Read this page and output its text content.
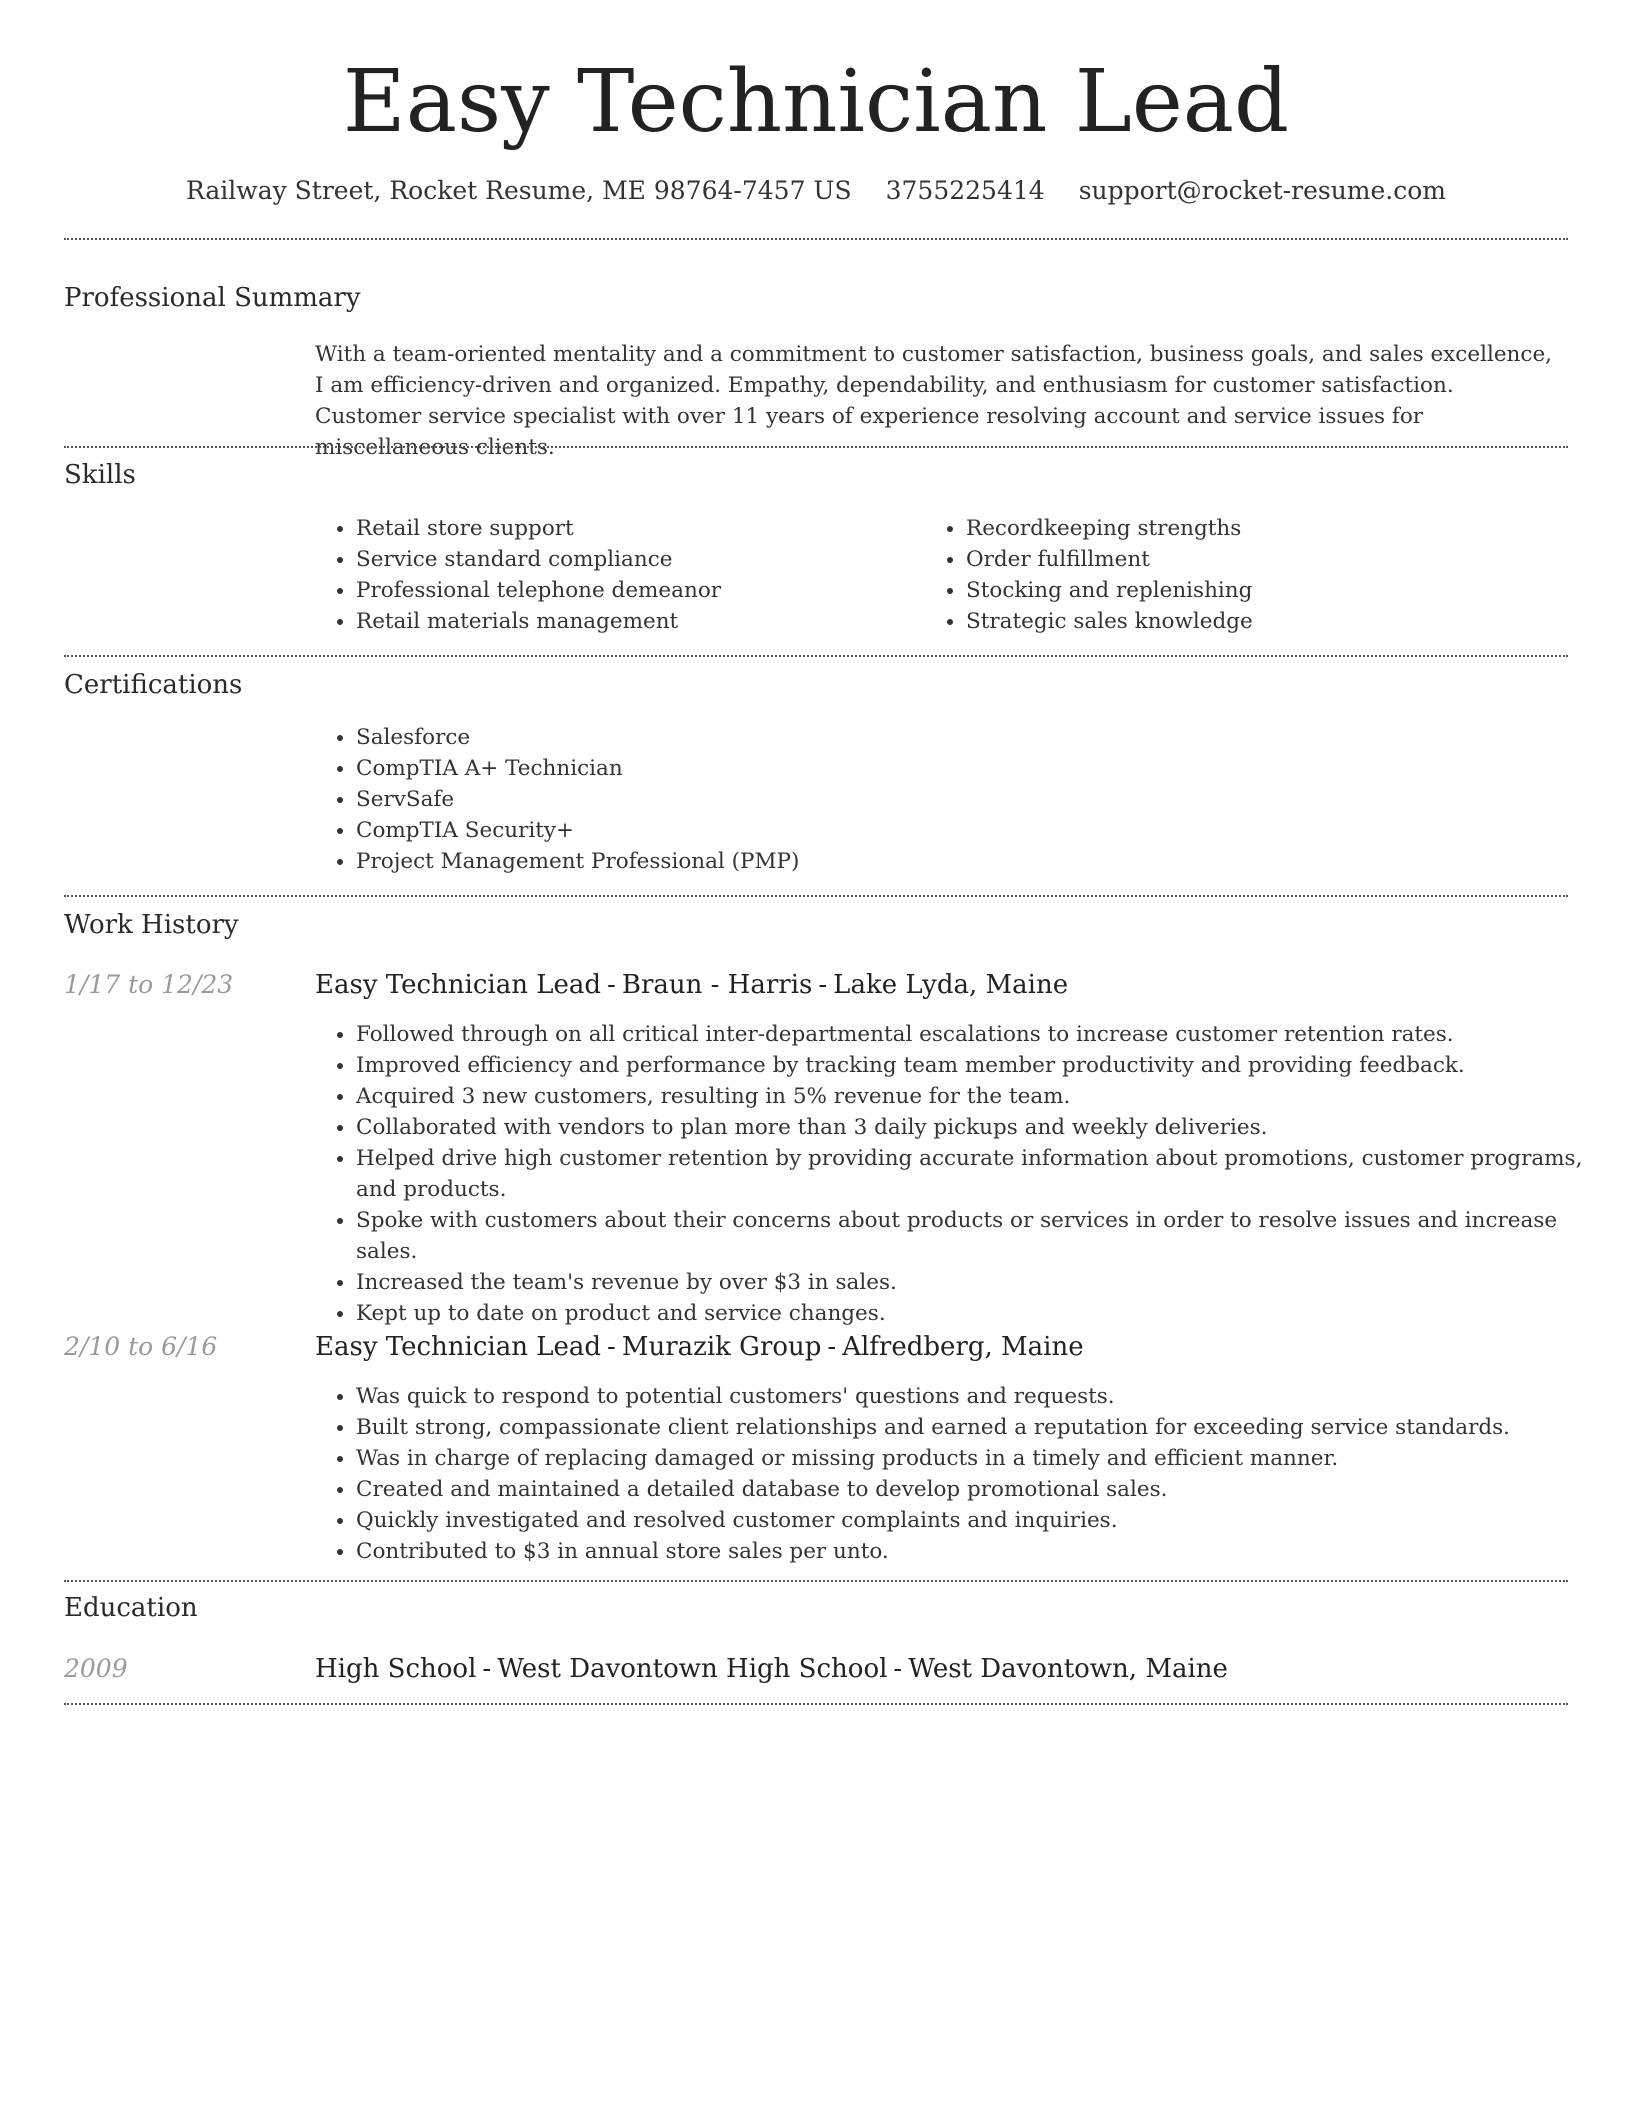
Easy Technician Lead
Railway Street, Rocket Resume, ME 98764-7457 US 3755225414 support@rocket-resume.com
Professional Summary
With a team-oriented mentality and a commitment to customer satisfaction, business goals, and sales excellence, I am efficiency-driven and organized. Empathy, dependability, and enthusiasm for customer satisfaction. Customer service specialist with over 11 years of experience resolving account and service issues for miscellaneous clients.
Skills
• Retail store support
• Service standard compliance
• Professional telephone demeanor
• Retail materials management
• Recordkeeping strengths
• Order fulfillment
• Stocking and replenishing
• Strategic sales knowledge
Certifications
• Salesforce
• CompTIA A+ Technician
• ServSafe
• CompTIA Security+
• Project Management Professional (PMP)
Work History
1/17 to 12/23	Easy Technician Lead - Braun - Harris - Lake Lyda, Maine
• Followed through on all critical inter-departmental escalations to increase customer retention rates.
• Improved efficiency and performance by tracking team member productivity and providing feedback.
• Acquired 3 new customers, resulting in 5% revenue for the team.
• Collaborated with vendors to plan more than 3 daily pickups and weekly deliveries.
• Helped drive high customer retention by providing accurate information about promotions, customer programs, and products.
• Spoke with customers about their concerns about products or services in order to resolve issues and increase sales.
• Increased the team's revenue by over $3 in sales.
• Kept up to date on product and service changes.
2/10 to 6/16	Easy Technician Lead - Murazik Group - Alfredberg, Maine
• Was quick to respond to potential customers' questions and requests.
• Built strong, compassionate client relationships and earned a reputation for exceeding service standards.
• Was in charge of replacing damaged or missing products in a timely and efficient manner.
• Created and maintained a detailed database to develop promotional sales.
• Quickly investigated and resolved customer complaints and inquiries.
• Contributed to $3 in annual store sales per unto.
Education
2009	High School - West Davontown High School - West Davontown, Maine
